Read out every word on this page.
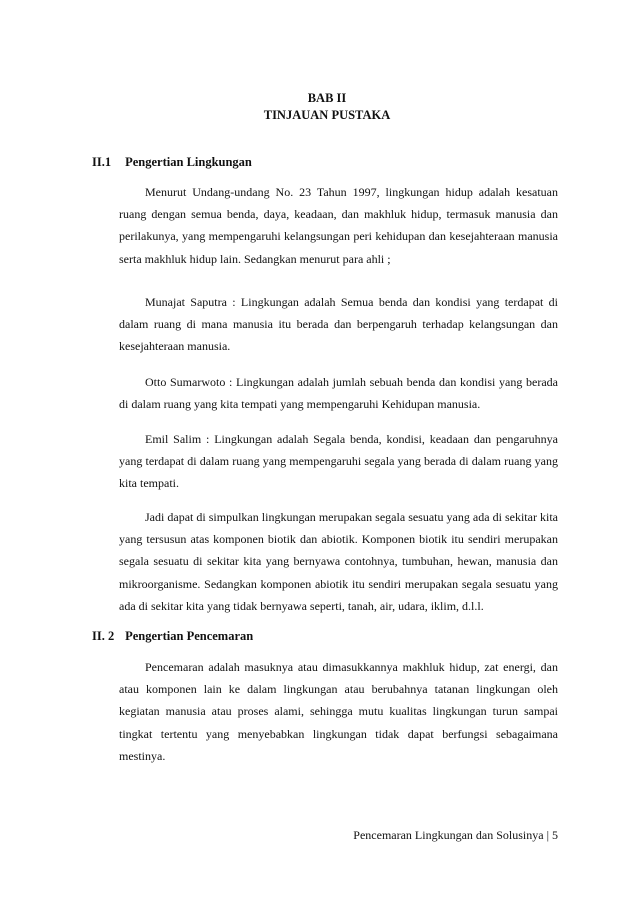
BAB II
TINJAUAN PUSTAKA
II.1 Pengertian Lingkungan

Menurut Undang-undang No. 23 Tahun 1997, lingkungan hidup adalah kesatuan ruang dengan semua benda, daya, keadaan, dan makhluk hidup, termasuk manusia dan perilakunya, yang mempengaruhi kelangsungan peri kehidupan dan kesejahteraan manusia serta makhluk hidup lain. Sedangkan menurut para ahli ;

Munajat Saputra : Lingkungan adalah Semua benda dan kondisi yang terdapat di dalam ruang di mana manusia itu berada dan berpengaruh terhadap kelangsungan dan kesejahteraan manusia.

Otto Sumarwoto : Lingkungan adalah jumlah sebuah benda dan kondisi yang berada di dalam ruang yang kita tempati yang mempengaruhi Kehidupan manusia.

Emil Salim : Lingkungan adalah Segala benda, kondisi, keadaan dan pengaruhnya yang terdapat di dalam ruang yang mempengaruhi segala yang berada di dalam ruang yang kita tempati.

Jadi dapat di simpulkan lingkungan merupakan segala sesuatu yang ada di sekitar kita yang tersusun atas komponen biotik dan abiotik. Komponen biotik itu sendiri merupakan segala sesuatu di sekitar kita yang bernyawa contohnya, tumbuhan, hewan, manusia dan mikroorganisme. Sedangkan komponen abiotik itu sendiri merupakan segala sesuatu yang ada di sekitar kita yang tidak bernyawa seperti, tanah, air, udara, iklim, d.l.l.

II. 2 Pengertian Pencemaran

Pencemaran adalah masuknya atau dimasukkannya makhluk hidup, zat energi, dan atau komponen lain ke dalam lingkungan atau berubahnya tatanan lingkungan oleh kegiatan manusia atau proses alami, sehingga mutu kualitas lingkungan turun sampai tingkat tertentu yang menyebabkan lingkungan tidak dapat berfungsi sebagaimana mestinya.

Pencemaran Lingkungan dan Solusinya | 5
